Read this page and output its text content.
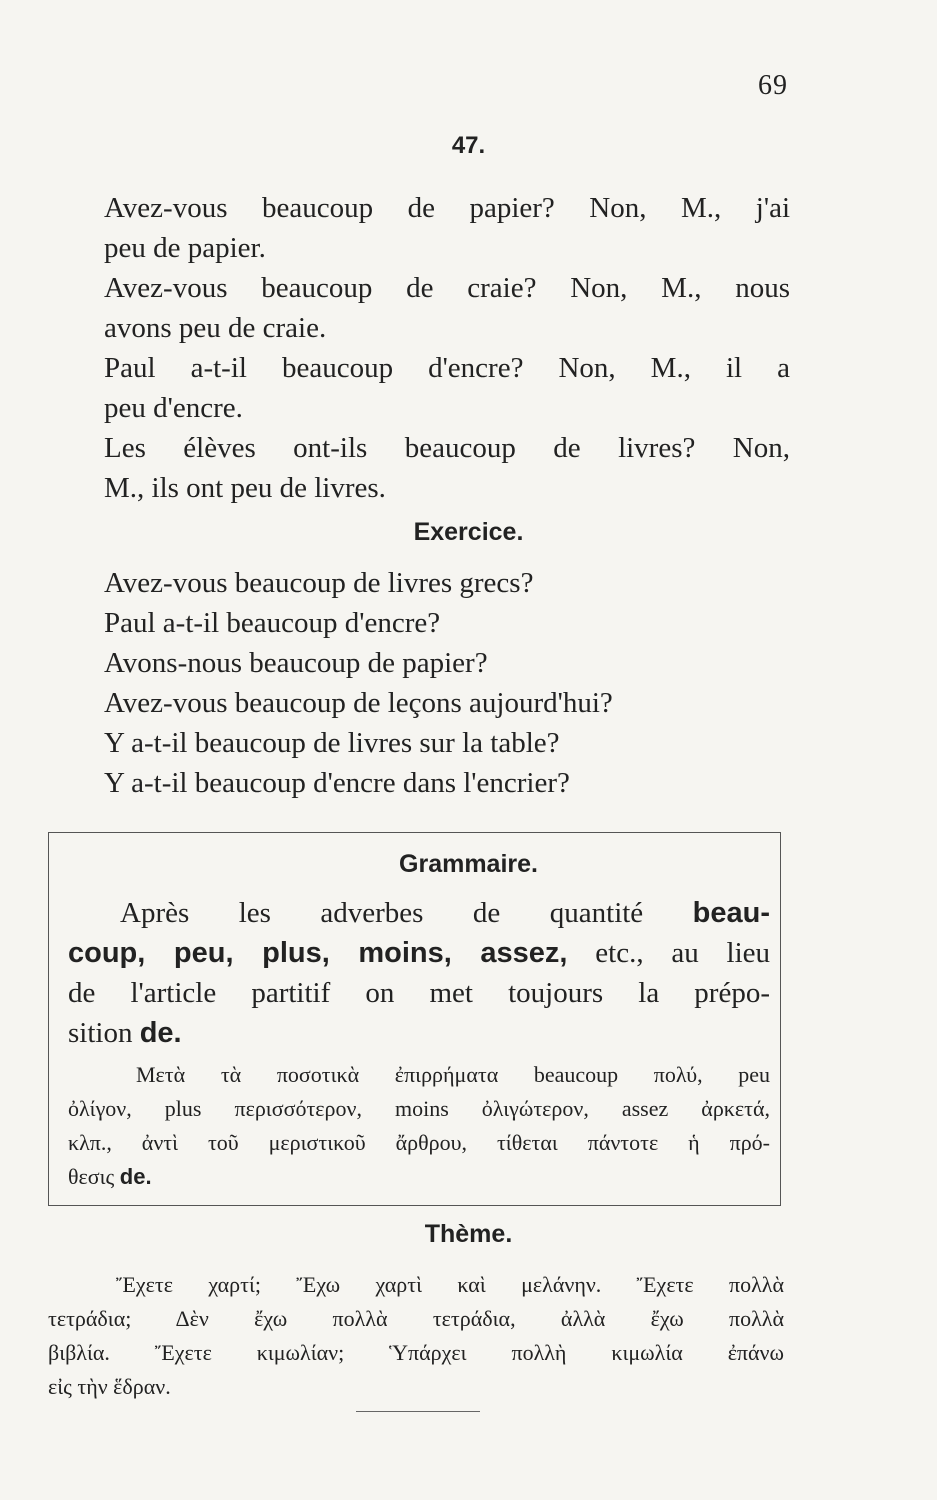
69
47.
Avez-vous beaucoup de papier? Non, M., j'ai
peu de papier.
Avez-vous beaucoup de craie? Non, M., nous
avons peu de craie.
Paul a-t-il beaucoup d'encre? Non, M., il a
peu d'encre.
Les élèves ont-ils beaucoup de livres? Non,
M., ils ont peu de livres.
Exercice.
Avez-vous beaucoup de livres grecs?
Paul a-t-il beaucoup d'encre?
Avons-nous beaucoup de papier?
Avez-vous beaucoup de leçons aujourd'hui?
Y a-t-il beaucoup de livres sur la table?
Y a-t-il beaucoup d'encre dans l'encrier?
Grammaire.
Après les adverbes de quantité beau-
coup, peu, plus, moins, assez, etc., au lieu
de l'article partitif on met toujours la prépo-
sition de.
Μετὰ τὰ ποσοτικὰ ἐπιρρήματα beaucoup πολύ, peu
ὀλίγον, plus περισσότερον, moins ὀλιγώτερον, assez ἀρκετά,
κλπ., ἀντὶ τοῦ μεριστικοῦ ἄρθρου, τίθεται πάντοτε ἡ πρό-
θεσις de.
Thème.
Ἔχετε χαρτί; Ἔχω χαρτὶ καὶ μελάνην. Ἔχετε πολλὰ
τετράδια; Δὲν ἔχω πολλὰ τετράδια, ἀλλὰ ἔχω πολλὰ
βιβλία. Ἔχετε κιμωλίαν; Ὑπάρχει πολλὴ κιμωλία ἐπάνω
εἰς τὴν ἕδραν.
